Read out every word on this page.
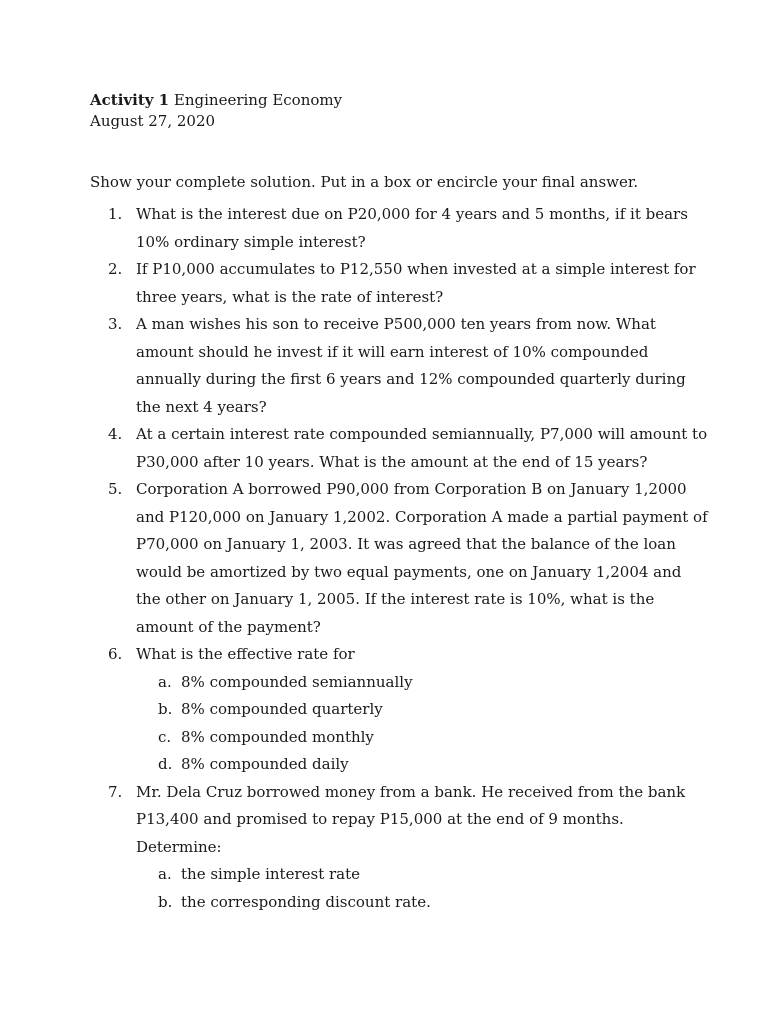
Activity 1 Engineering Economy
August 27, 2020
Show your complete solution. Put in a box or encircle your final answer.
1. What is the interest due on P20,000 for 4 years and 5 months, if it bears 10% ordinary simple interest?
2. If P10,000 accumulates to P12,550 when invested at a simple interest for three years, what is the rate of interest?
3. A man wishes his son to receive P500,000 ten years from now. What amount should he invest if it will earn interest of 10% compounded annually during the first 6 years and 12% compounded quarterly during the next 4 years?
4. At a certain interest rate compounded semiannually, P7,000 will amount to P30,000 after 10 years. What is the amount at the end of 15 years?
5. Corporation A borrowed P90,000 from Corporation B on January 1,2000 and P120,000 on January 1,2002. Corporation A made a partial payment of P70,000 on January 1, 2003. It was agreed that the balance of the loan would be amortized by two equal payments, one on January 1,2004 and the other on January 1, 2005. If the interest rate is 10%, what is the amount of the payment?
6. What is the effective rate for
a. 8% compounded semiannually
b. 8% compounded quarterly
c. 8% compounded monthly
d. 8% compounded daily
7. Mr. Dela Cruz borrowed money from a bank. He received from the bank P13,400 and promised to repay P15,000 at the end of 9 months. Determine:
a. the simple interest rate
b. the corresponding discount rate.
